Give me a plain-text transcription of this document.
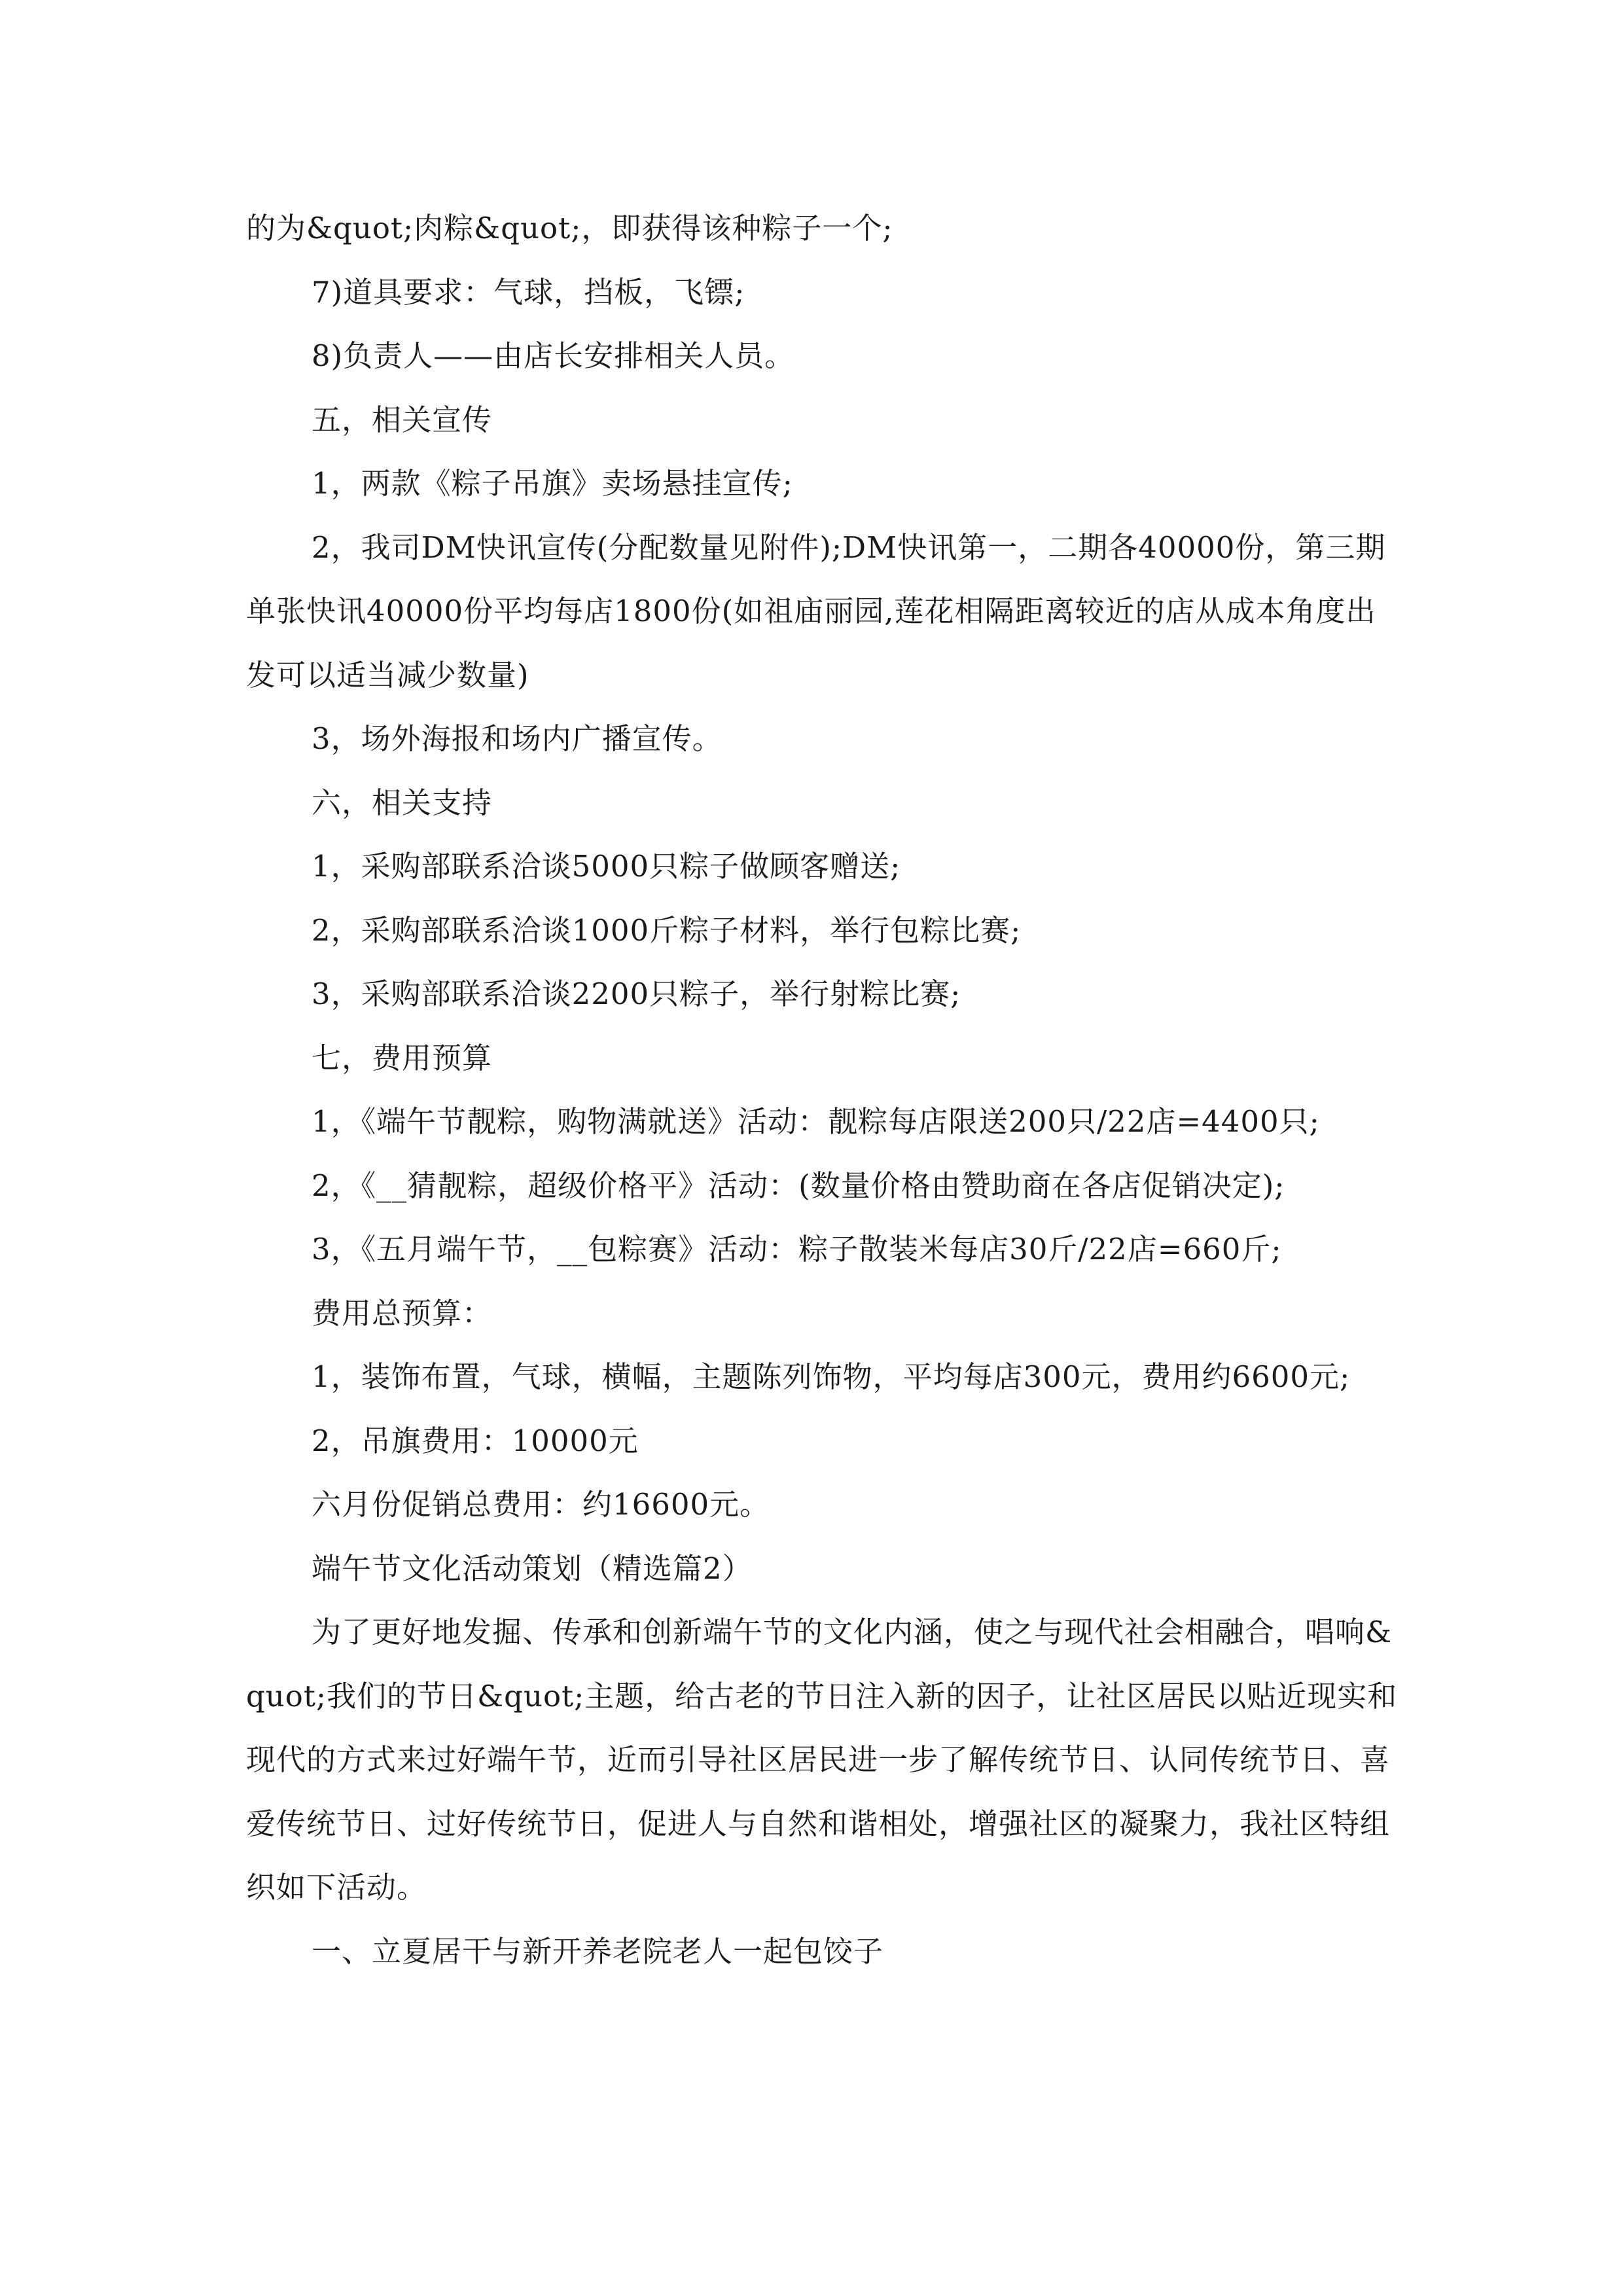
的为&quot;肉粽&quot;，即获得该种粽子一个;

7)道具要求：气球，挡板，飞镖;

8)负责人——由店长安排相关人员。

五，相关宣传

1，两款《粽子吊旗》卖场悬挂宣传;

2，我司DM快讯宣传(分配数量见附件);DM快讯第一，二期各40000份，第三期单张快讯40000份平均每店1800份(如祖庙丽园,莲花相隔距离较近的店从成本角度出发可以适当减少数量)

3，场外海报和场内广播宣传。

六，相关支持

1，采购部联系洽谈5000只粽子做顾客赠送;

2，采购部联系洽谈1000斤粽子材料，举行包粽比赛;

3，采购部联系洽谈2200只粽子，举行射粽比赛;

七，费用预算

1，《端午节靓粽，购物满就送》活动：靓粽每店限送200只/22店=4400只;

2，《__猜靓粽，超级价格平》活动：(数量价格由赞助商在各店促销决定);

3，《五月端午节，__包粽赛》活动：粽子散装米每店30斤/22店=660斤;

费用总预算：

1，装饰布置，气球，横幅，主题陈列饰物，平均每店300元，费用约6600元;

2，吊旗费用：10000元

六月份促销总费用：约16600元。

端午节文化活动策划（精选篇2）

为了更好地发掘、传承和创新端午节的文化内涵，使之与现代社会相融合，唱响&quot;我们的节日&quot;主题，给古老的节日注入新的因子，让社区居民以贴近现实和现代的方式来过好端午节，近而引导社区居民进一步了解传统节日、认同传统节日、喜爱传统节日、过好传统节日，促进人与自然和谐相处，增强社区的凝聚力，我社区特组织如下活动。

一、立夏居干与新开养老院老人一起包饺子
